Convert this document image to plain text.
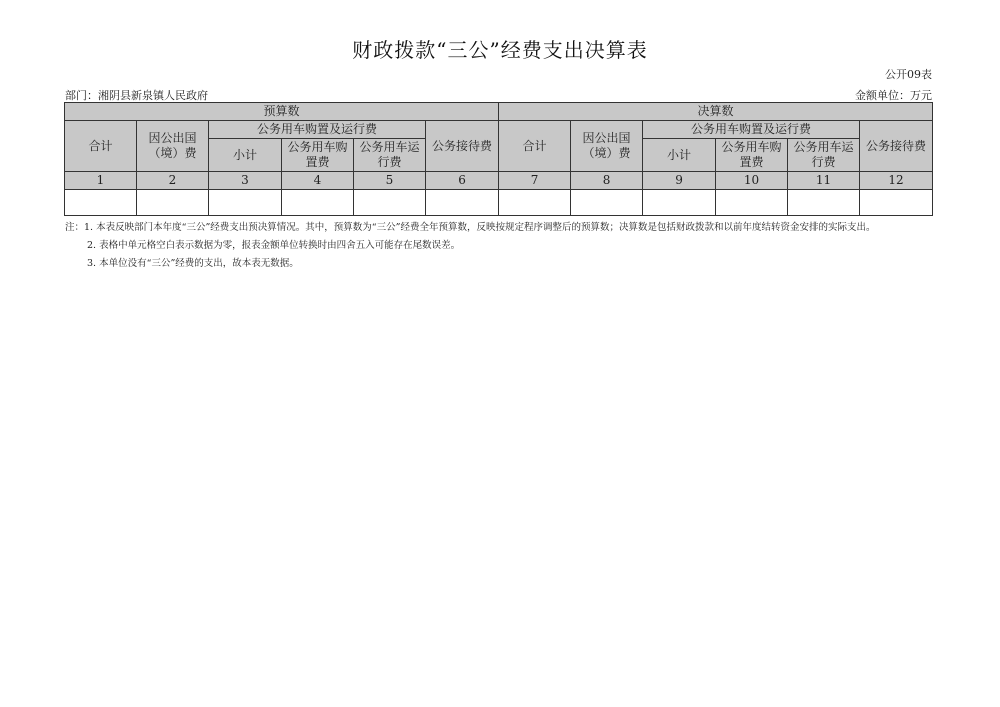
财政拨款“三公”经费支出决算表
公开09表
部门：湘阴县新泉镇人民政府	金额单位：万元
预算数						决算数					
合计	因公出国（境）费	公务用车购置及运行费			公务接待费	合计	因公出国（境）费	公务用车购置及运行费			公务接待费
		小计	公务用车购置费	公务用车运行费				小计	公务用车购置费	公务用车运行费	
1	2	3	4	5	6	7	8	9	10	11	12

注：1. 本表反映部门本年度“三公”经费支出预决算情况。其中，预算数为“三公”经费全年预算数，反映按规定程序调整后的预算数；决算数是包括财政拨款和以前年度结转资金安排的实际支出。

2. 表格中单元格空白表示数据为零，报表金额单位转换时由四舍五入可能存在尾数误差。

3. 本单位没有“三公”经费的支出，故本表无数据。
